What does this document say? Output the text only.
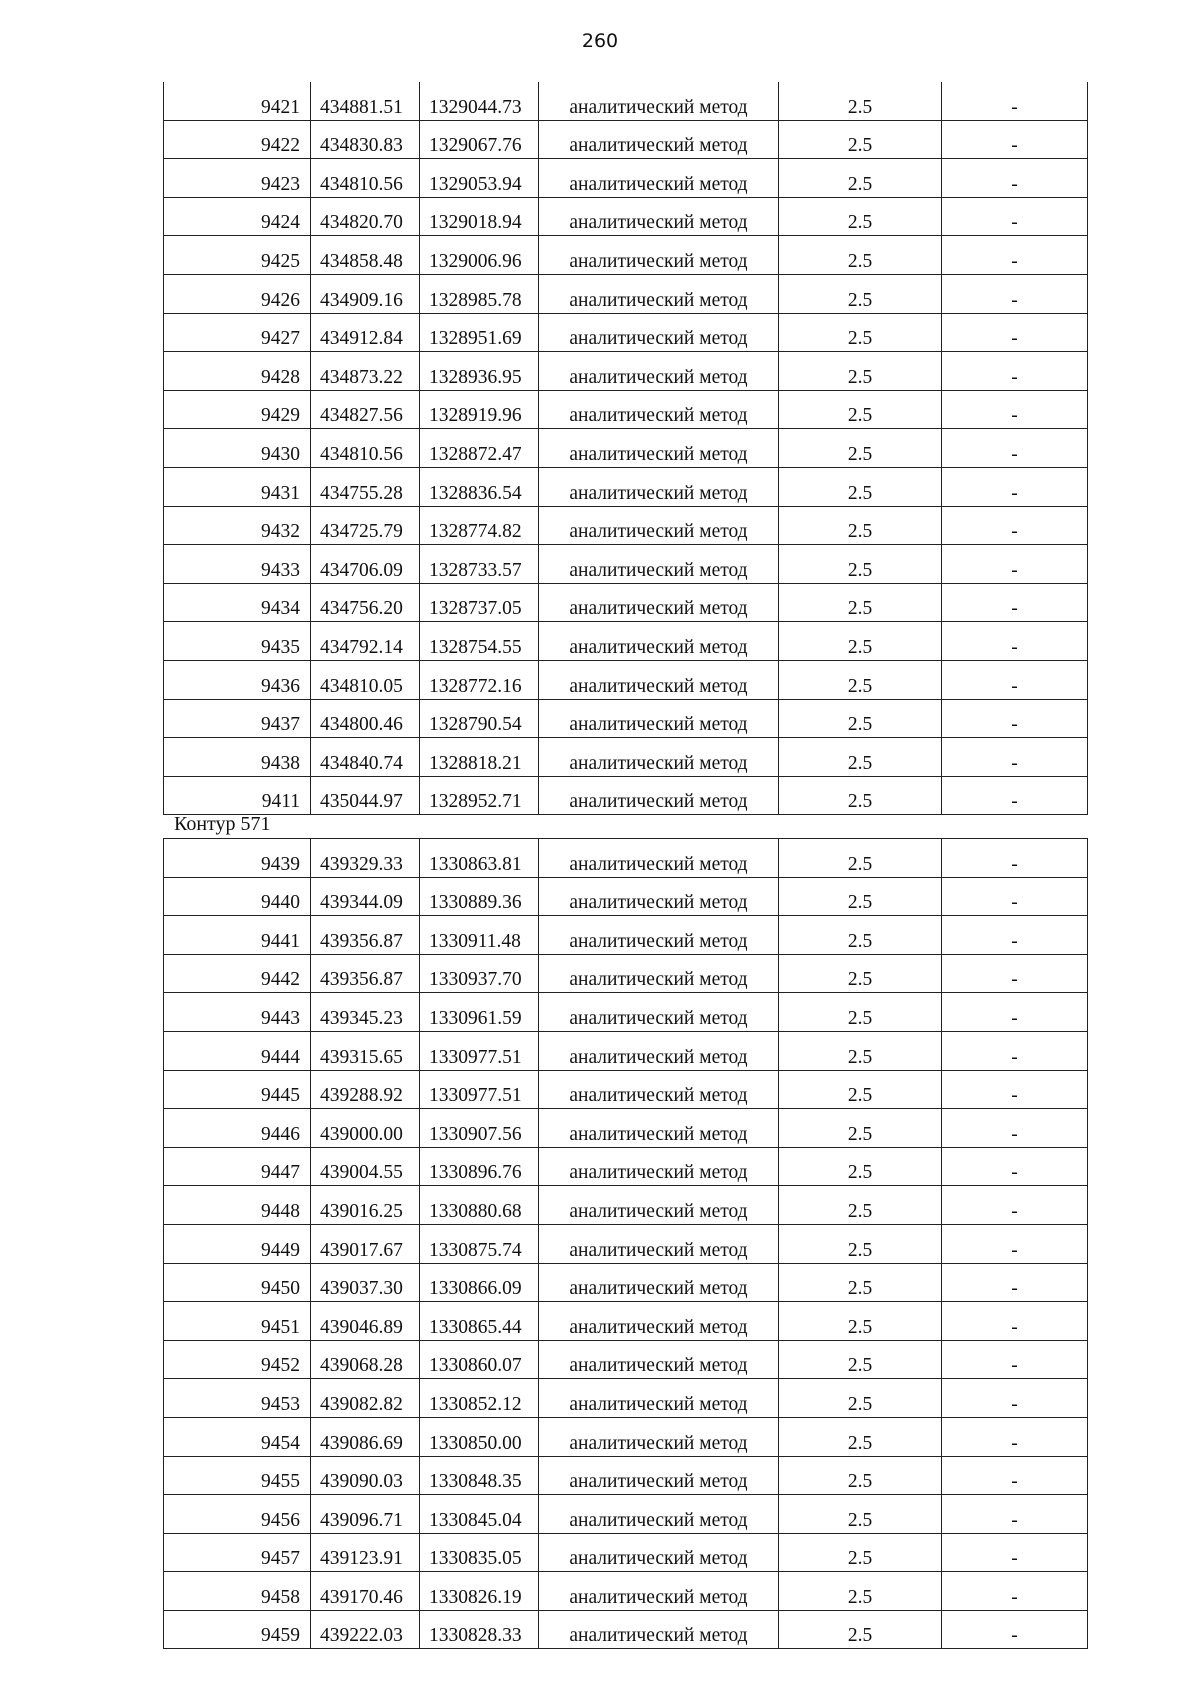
260
9421	434881.51	1329044.73	аналитический метод	2.5	-
9422	434830.83	1329067.76	аналитический метод	2.5	-
9423	434810.56	1329053.94	аналитический метод	2.5	-
9424	434820.70	1329018.94	аналитический метод	2.5	-
9425	434858.48	1329006.96	аналитический метод	2.5	-
9426	434909.16	1328985.78	аналитический метод	2.5	-
9427	434912.84	1328951.69	аналитический метод	2.5	-
9428	434873.22	1328936.95	аналитический метод	2.5	-
9429	434827.56	1328919.96	аналитический метод	2.5	-
9430	434810.56	1328872.47	аналитический метод	2.5	-
9431	434755.28	1328836.54	аналитический метод	2.5	-
9432	434725.79	1328774.82	аналитический метод	2.5	-
9433	434706.09	1328733.57	аналитический метод	2.5	-
9434	434756.20	1328737.05	аналитический метод	2.5	-
9435	434792.14	1328754.55	аналитический метод	2.5	-
9436	434810.05	1328772.16	аналитический метод	2.5	-
9437	434800.46	1328790.54	аналитический метод	2.5	-
9438	434840.74	1328818.21	аналитический метод	2.5	-
9411	435044.97	1328952.71	аналитический метод	2.5	-
Контур 571
9439	439329.33	1330863.81	аналитический метод	2.5	-
9440	439344.09	1330889.36	аналитический метод	2.5	-
9441	439356.87	1330911.48	аналитический метод	2.5	-
9442	439356.87	1330937.70	аналитический метод	2.5	-
9443	439345.23	1330961.59	аналитический метод	2.5	-
9444	439315.65	1330977.51	аналитический метод	2.5	-
9445	439288.92	1330977.51	аналитический метод	2.5	-
9446	439000.00	1330907.56	аналитический метод	2.5	-
9447	439004.55	1330896.76	аналитический метод	2.5	-
9448	439016.25	1330880.68	аналитический метод	2.5	-
9449	439017.67	1330875.74	аналитический метод	2.5	-
9450	439037.30	1330866.09	аналитический метод	2.5	-
9451	439046.89	1330865.44	аналитический метод	2.5	-
9452	439068.28	1330860.07	аналитический метод	2.5	-
9453	439082.82	1330852.12	аналитический метод	2.5	-
9454	439086.69	1330850.00	аналитический метод	2.5	-
9455	439090.03	1330848.35	аналитический метод	2.5	-
9456	439096.71	1330845.04	аналитический метод	2.5	-
9457	439123.91	1330835.05	аналитический метод	2.5	-
9458	439170.46	1330826.19	аналитический метод	2.5	-
9459	439222.03	1330828.33	аналитический метод	2.5	-
